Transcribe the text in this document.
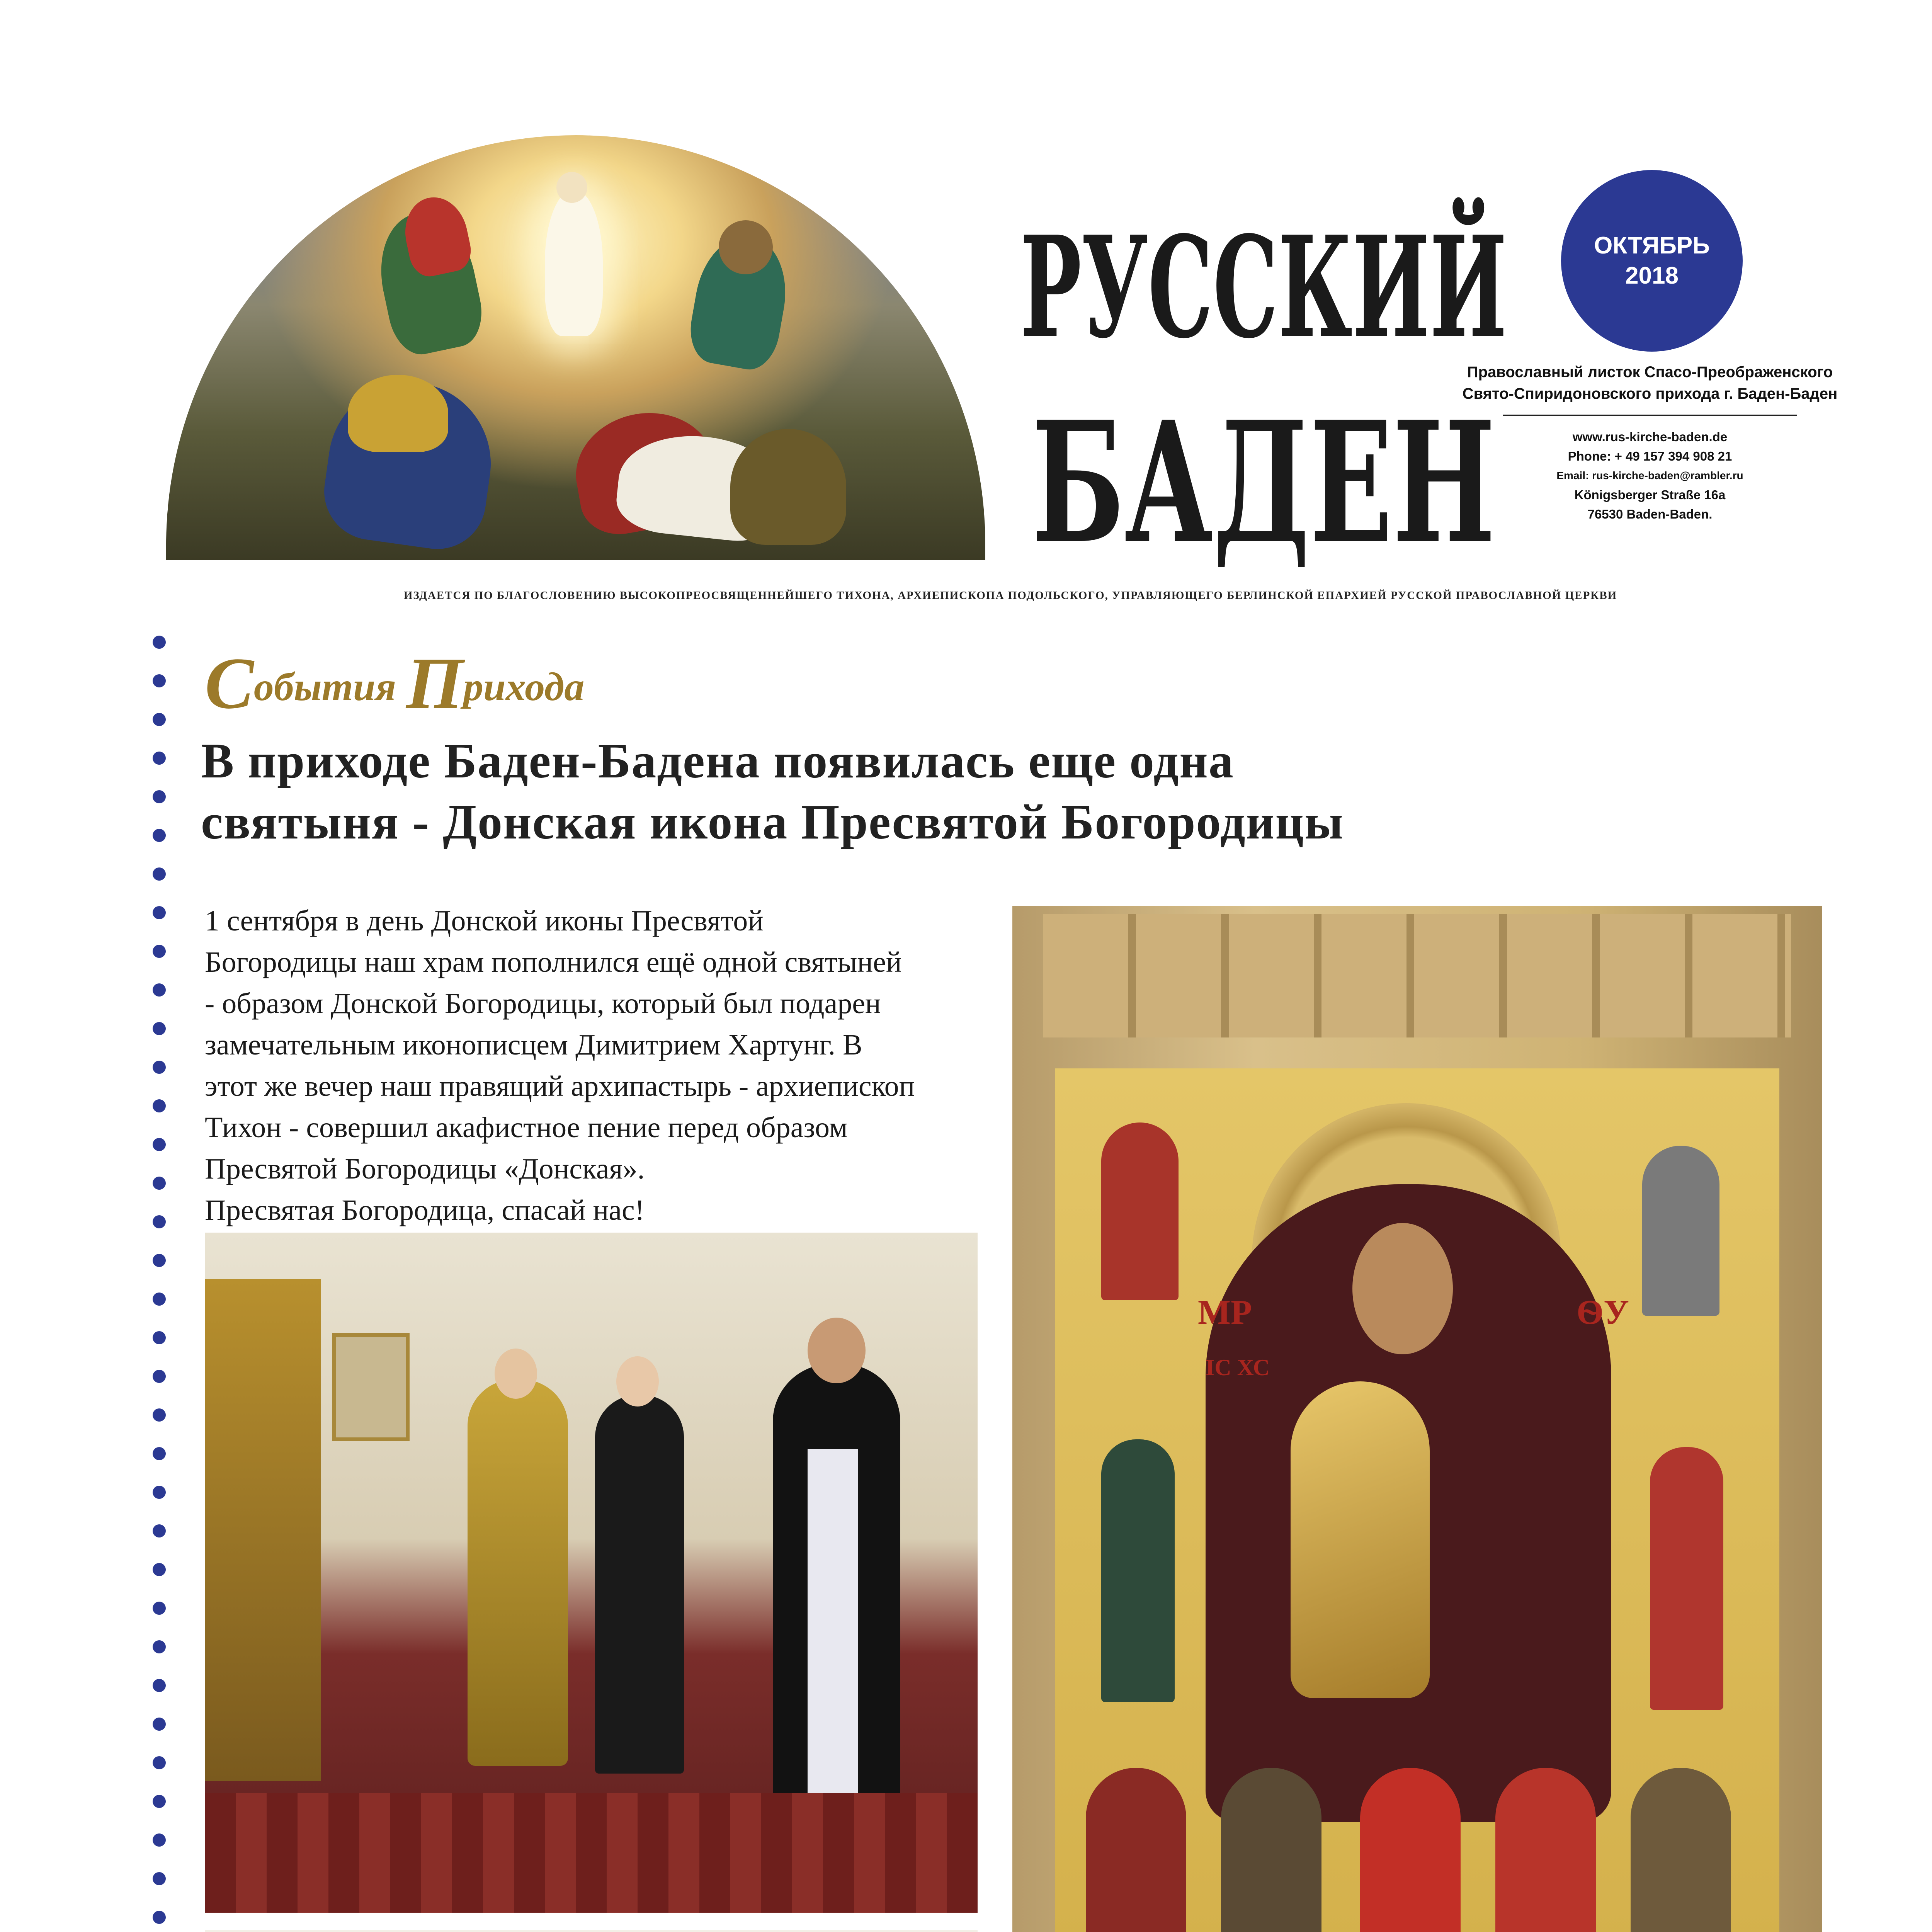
РУСС
БАДЕН
ОКТЯБРЬ
2018
Православный листок Спасо-Преображенского
Свято-Спиридоновского прихода г. Баден-Баден
www.rus-kirche-baden.de
Phone: + 49 157 394 908 21
Email: rus-kirche-baden@rambler.ru
Königsberger Straße 16a
76530 Baden-Baden.
ИЗДАЕТСЯ ПО БЛАГОСЛОВЕНИЮ ВЫСОКОПРЕОСВЯЩЕННЕЙШЕГО ТИХОНА, АРХИЕПИСКОПА ПОДОЛЬСКОГО, УПРАВЛЯЮЩЕГО БЕРЛИНСКОЙ ЕПАРХИЕЙ РУССКОЙ ПРАВОСЛАВНОЙ ЦЕРКВИ
События Прихода
В приходе Баден-Бадена появилась еще одна
святыня - Донская икона Пресвятой Богородицы
1 сентября в день Донской иконы Пресвятой
Богородицы наш храм пополнился ещё одной святыней
- образом Донской Богородицы, который был подарен
замечательным иконописцем Димитрием Хартунг. В
этот же вечер наш правящий архипастырь - архиепископ
Тихон - совершил акафистное пение перед образом
Пресвятой Богородицы «Донская».
Пресвятая Богородица, спасай нас!
МР	ѲУ
ІС ХС
